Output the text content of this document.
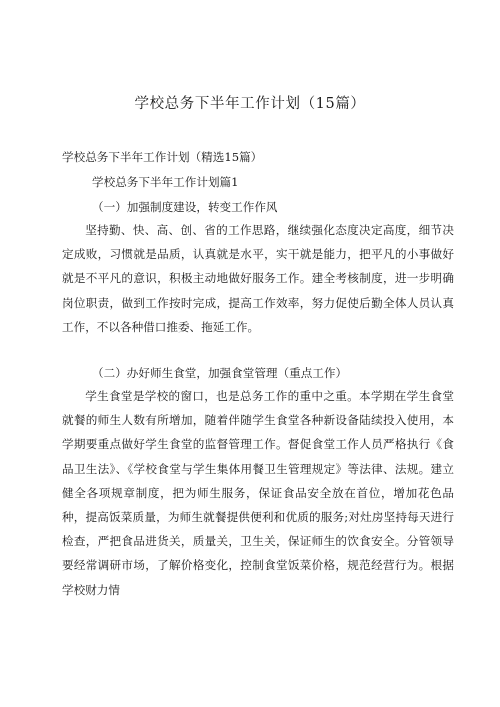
学校总务下半年工作计划（15篇）
学校总务下半年工作计划（精选15篇）
学校总务下半年工作计划篇1
（一）加强制度建设，转变工作作风

坚持勤、快、高、创、省的工作思路，继续强化态度决定高度，细节决定成败，习惯就是品质，认真就是水平，实干就是能力，把平凡的小事做好就是不平凡的意识，积极主动地做好服务工作。建全考核制度，进一步明确岗位职责，做到工作按时完成，提高工作效率，努力促使后勤全体人员认真工作，不以各种借口推委、拖延工作。

（二）办好师生食堂，加强食堂管理（重点工作）

学生食堂是学校的窗口，也是总务工作的重中之重。本学期在学生食堂就餐的师生人数有所增加，随着伴随学生食堂各种新设备陆续投入使用，本学期要重点做好学生食堂的监督管理工作。督促食堂工作人员严格执行《食品卫生法》、《学校食堂与学生集体用餐卫生管理规定》等法律、法规。建立健全各项规章制度，把为师生服务，保证食品安全放在首位，增加花色品种，提高饭菜质量，为师生就餐提供便利和优质的服务;对灶房坚持每天进行检查，严把食品进货关，质量关，卫生关，保证师生的饮食安全。分管领导要经常调研市场，了解价格变化，控制食堂饭菜价格，规范经营行为。根据学校财力情
